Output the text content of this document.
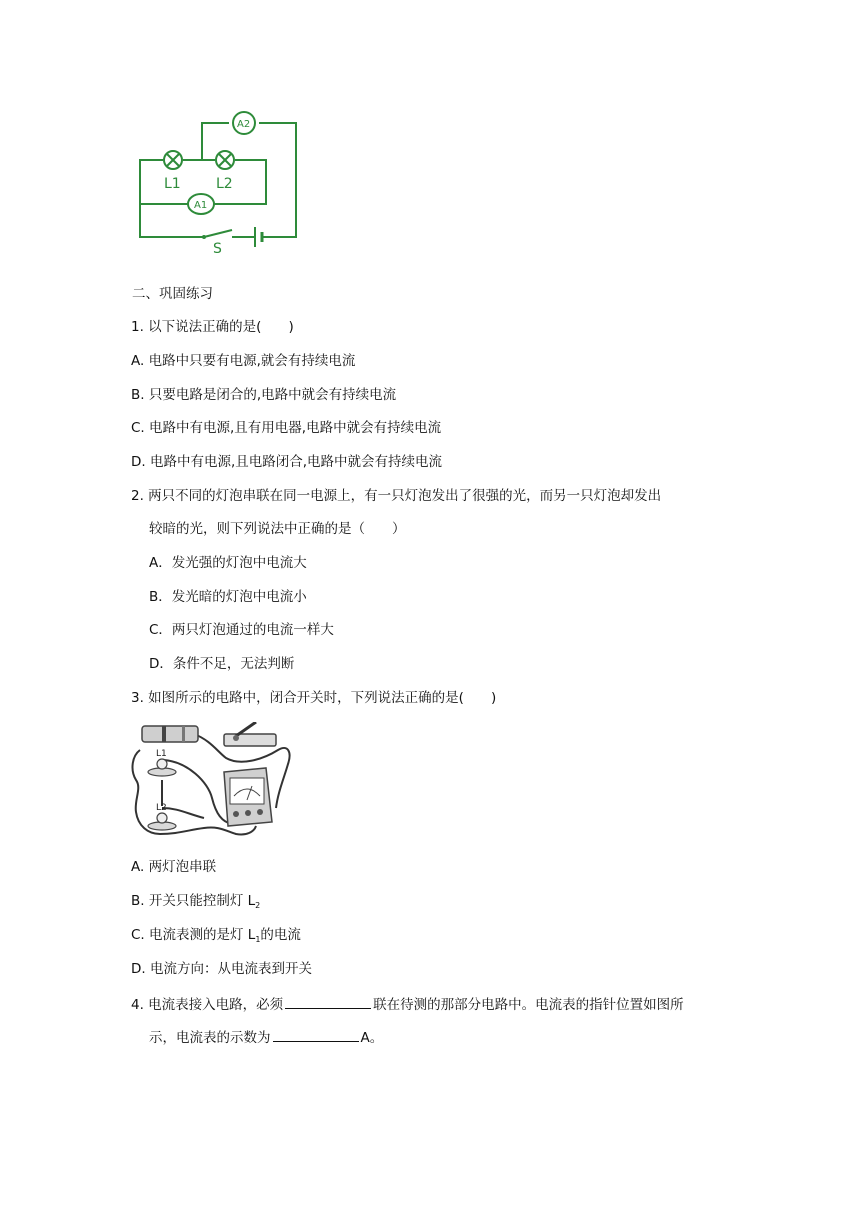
A2
A1
L1	L2
S
二、巩固练习
1. 以下说法正确的是(　　)
A. 电路中只要有电源,就会有持续电流
B. 只要电路是闭合的,电路中就会有持续电流
C. 电路中有电源,且有用电器,电路中就会有持续电流
D. 电路中有电源,且电路闭合,电路中就会有持续电流
2. 两只不同的灯泡串联在同一电源上，有一只灯泡发出了很强的光，而另一只灯泡却发出
较暗的光，则下列说法中正确的是（　　）
A．发光强的灯泡中电流大
B．发光暗的灯泡中电流小
C．两只灯泡通过的电流一样大
D．条件不足，无法判断
3. 如图所示的电路中，闭合开关时，下列说法正确的是(　　)
L1
L2
A. 两灯泡串联
B. 开关只能控制灯 $L_2$
C. 电流表测的是灯 $L_1$的电流
D. 电流方向：从电流表到开关
4. 电流表接入电路，必须	联在待测的那部分电路中。电流表的指针位置如图所
示，电流表的示数为	A。
